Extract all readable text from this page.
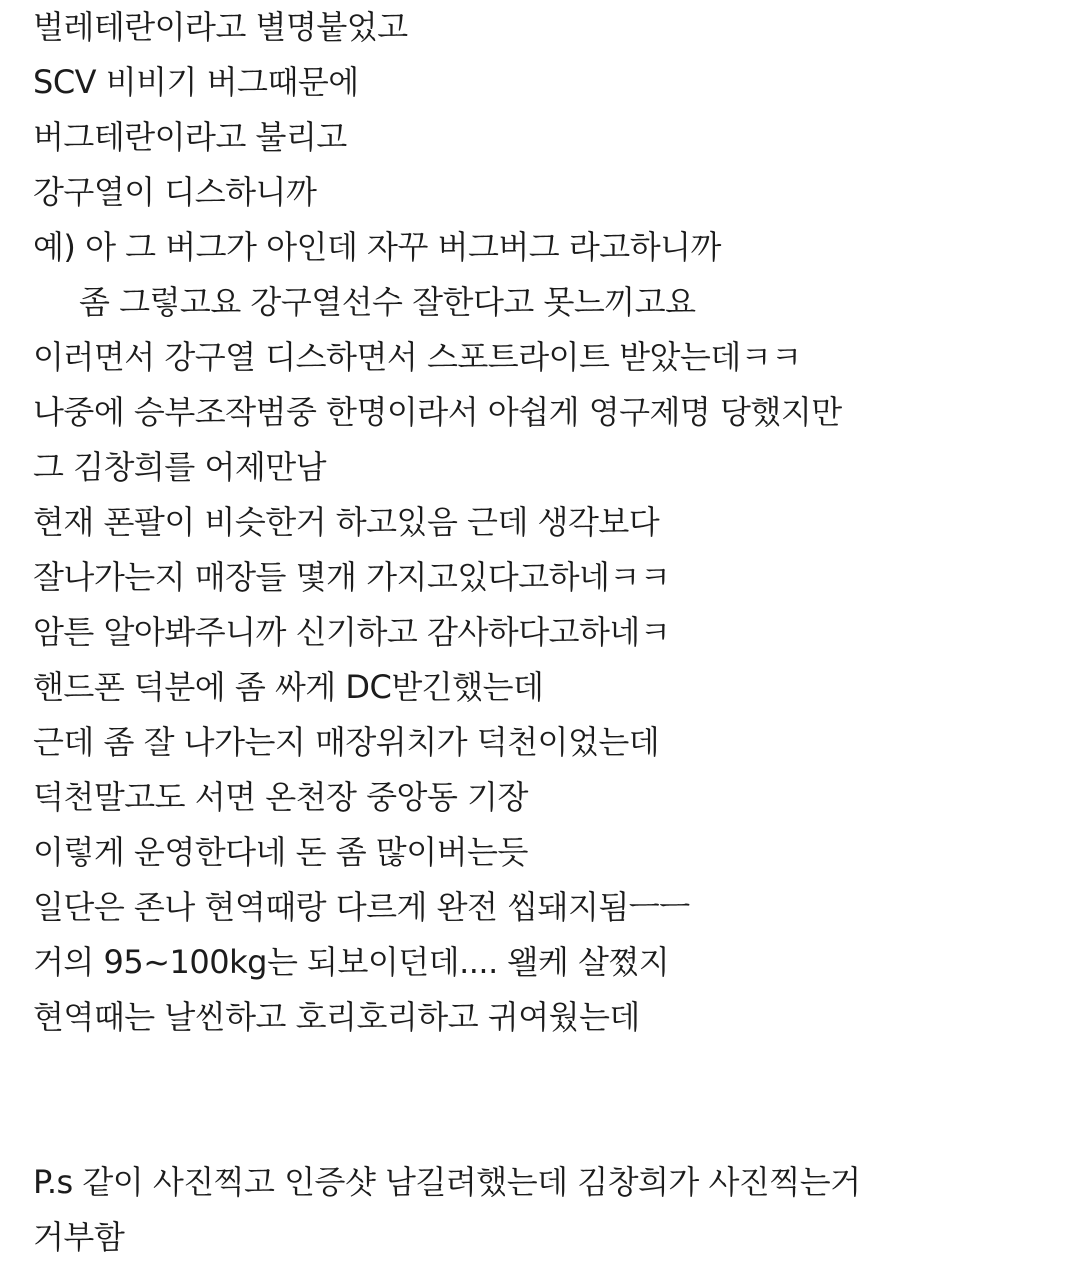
벌레테란이라고 별명붙었고
SCV 비비기 버그때문에
버그테란이라고 불리고
강구열이 디스하니까
예) 아 그 버그가 아인데 자꾸 버그버그 라고하니까
좀 그렇고요 강구열선수 잘한다고 못느끼고요
이러면서 강구열 디스하면서 스포트라이트 받았는데ㅋㅋ
나중에 승부조작범중 한명이라서 아쉽게 영구제명 당했지만
그 김창희를 어제만남
현재 폰팔이 비슷한거 하고있음 근데 생각보다
잘나가는지 매장들 몇개 가지고있다고하네ㅋㅋ
암튼 알아봐주니까 신기하고 감사하다고하네ㅋ
핸드폰 덕분에 좀 싸게 DC받긴했는데
근데 좀 잘 나가는지 매장위치가 덕천이었는데
덕천말고도 서면 온천장 중앙동 기장
이렇게 운영한다네 돈 좀 많이버는듯
일단은 존나 현역때랑 다르게 완전 씹돼지됨ㅡㅡ
거의 95~100kg는 되보이던데.... 왤케 살쪘지
현역때는 날씬하고 호리호리하고 귀여웠는데
P.s 같이 사진찍고 인증샷 남길려했는데 김창희가 사진찍는거
거부함
